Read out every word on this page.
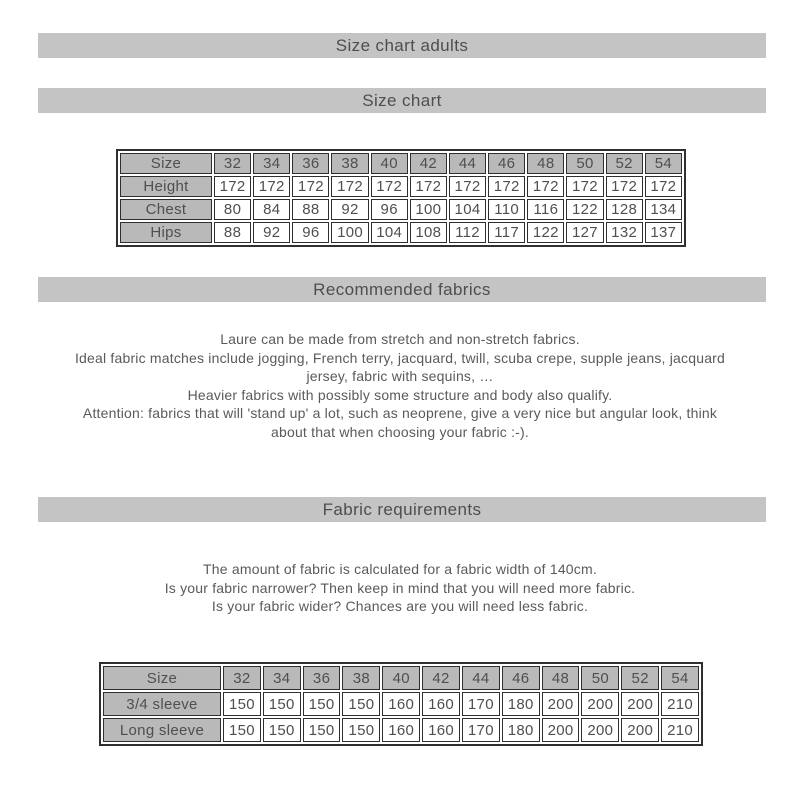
Size chart adults
Size chart
Size	32	34	36	38	40	42	44	46	48	50	52	54
Height	172	172	172	172	172	172	172	172	172	172	172	172
Chest	80	84	88	92	96	100	104	110	116	122	128	134
Hips	88	92	96	100	104	108	112	117	122	127	132	137
Recommended fabrics
Laure can be made from stretch and non-stretch fabrics.
Ideal fabric matches include jogging, French terry, jacquard, twill, scuba crepe, supple jeans, jacquard
jersey, fabric with sequins, …
Heavier fabrics with possibly some structure and body also qualify.
Attention: fabrics that will 'stand up' a lot, such as neoprene, give a very nice but angular look, think
about that when choosing your fabric :-).
Fabric requirements
The amount of fabric is calculated for a fabric width of 140cm.
Is your fabric narrower? Then keep in mind that you will need more fabric.
Is your fabric wider? Chances are you will need less fabric.
Size	32	34	36	38	40	42	44	46	48	50	52	54
3/4 sleeve	150	150	150	150	160	160	170	180	200	200	200	210
Long sleeve	150	150	150	150	160	160	170	180	200	200	200	210
